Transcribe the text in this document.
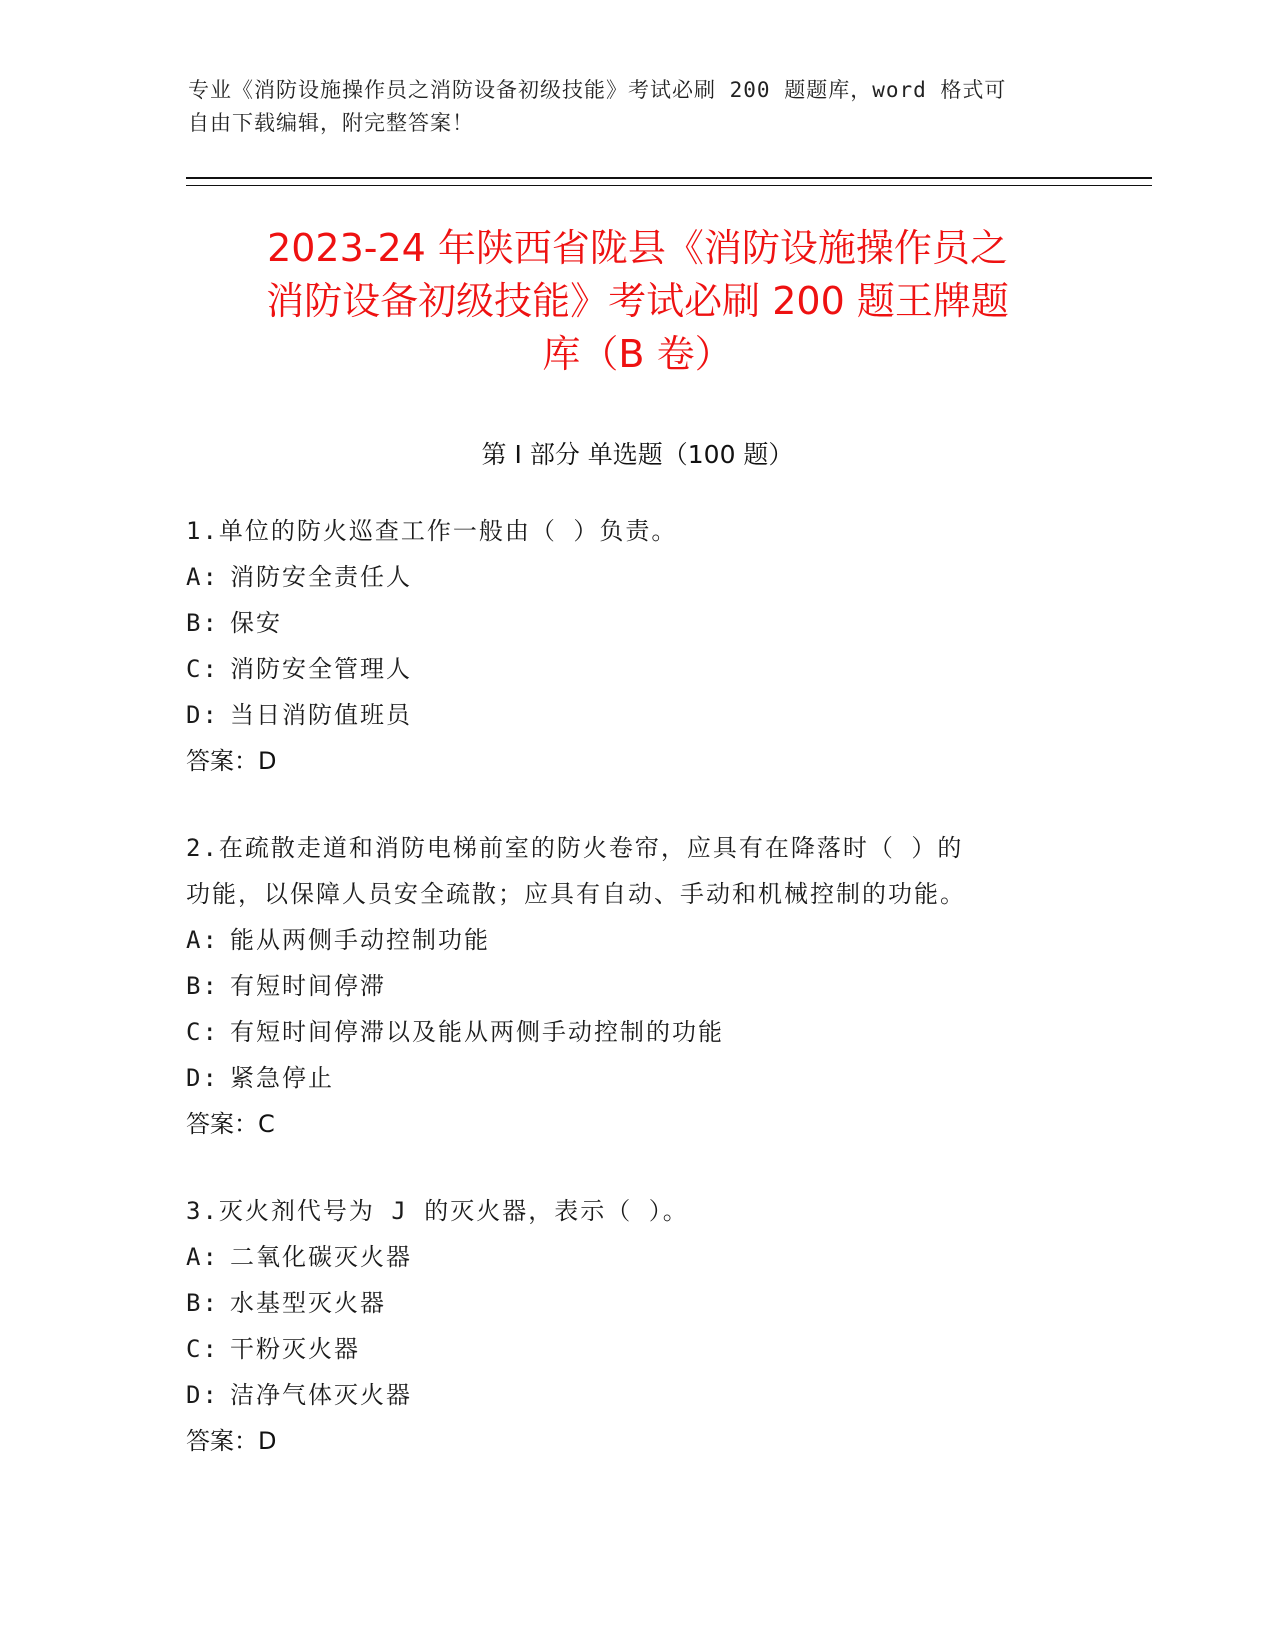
专业《消防设施操作员之消防设备初级技能》考试必刷 200 题题库，word 格式可
自由下载编辑，附完整答案！
2023-24 年陕西省陇县《消防设施操作员之
消防设备初级技能》考试必刷 200 题王牌题
库（B 卷）
第 I 部分 单选题（100 题）
1.单位的防火巡查工作一般由（ ）负责。
A: 消防安全责任人
B: 保安
C: 消防安全管理人
D: 当日消防值班员
答案：D
2.在疏散走道和消防电梯前室的防火卷帘，应具有在降落时（ ）的
功能，以保障人员安全疏散；应具有自动、手动和机械控制的功能。
A: 能从两侧手动控制功能
B: 有短时间停滞
C: 有短时间停滞以及能从两侧手动控制的功能
D: 紧急停止
答案：C
3.灭火剂代号为 J 的灭火器，表示（ ）。
A: 二氧化碳灭火器
B: 水基型灭火器
C: 干粉灭火器
D: 洁净气体灭火器
答案：D
